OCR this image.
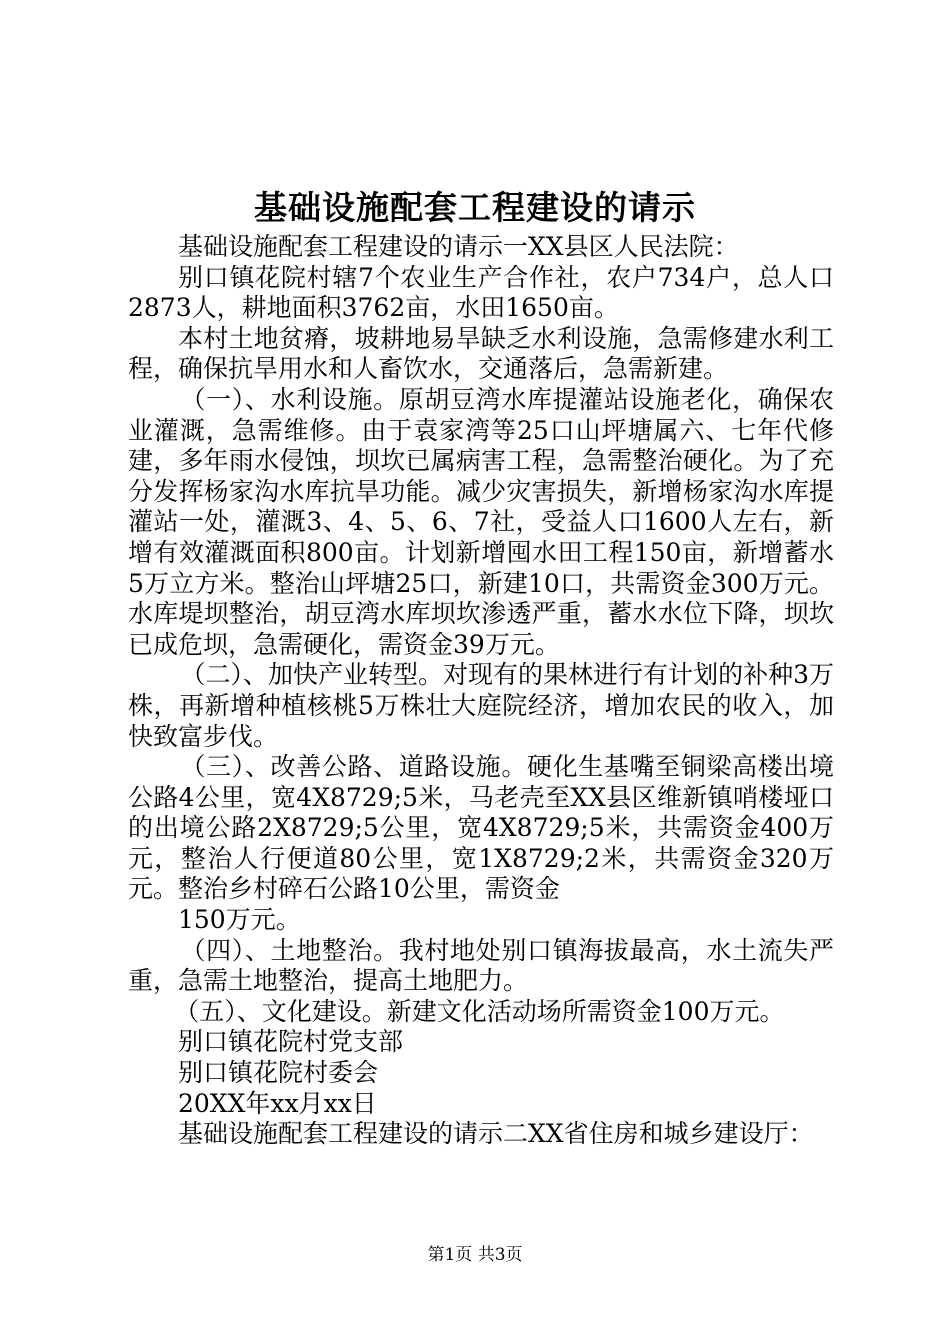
基础设施配套工程建设的请示

基础设施配套工程建设的请示一XX县区人民法院：

别口镇花院村辖7个农业生产合作社，农户734户，总人口2873人，耕地面积3762亩，水田1650亩。

本村土地贫瘠，坡耕地易旱缺乏水利设施，急需修建水利工程，确保抗旱用水和人畜饮水，交通落后，急需新建。

（一）、水利设施。原胡豆湾水库提灌站设施老化，确保农业灌溉，急需维修。由于袁家湾等25口山坪塘属六、七年代修建，多年雨水侵蚀，坝坎已属病害工程，急需整治硬化。为了充分发挥杨家沟水库抗旱功能。减少灾害损失，新增杨家沟水库提灌站一处，灌溉3、4、5、6、7社，受益人口1600人左右，新增有效灌溉面积800亩。计划新增囤水田工程150亩，新增蓄水5万立方米。整治山坪塘25口，新建10口，共需资金300万元。水库堤坝整治，胡豆湾水库坝坎渗透严重，蓄水水位下降，坝坎已成危坝，急需硬化，需资金39万元。

（二）、加快产业转型。对现有的果林进行有计划的补种3万株，再新增种植核桃5万株壮大庭院经济，增加农民的收入，加快致富步伐。

（三）、改善公路、道路设施。硬化生基嘴至铜梁高楼出境公路4公里，宽4X8729;5米，马老壳至XX县区维新镇哨楼垭口的出境公路2X8729;5公里，宽4X8729;5米，共需资金400万元，整治人行便道80公里，宽1X8729;2米，共需资金320万元。整治乡村碎石公路10公里，需资金

150万元。

（四）、土地整治。我村地处别口镇海拔最高，水土流失严重，急需土地整治，提高土地肥力。

（五）、文化建设。新建文化活动场所需资金100万元。

别口镇花院村党支部

别口镇花院村委会

20XX年xx月xx日

基础设施配套工程建设的请示二XX省住房和城乡建设厅：

第1页 共3页
